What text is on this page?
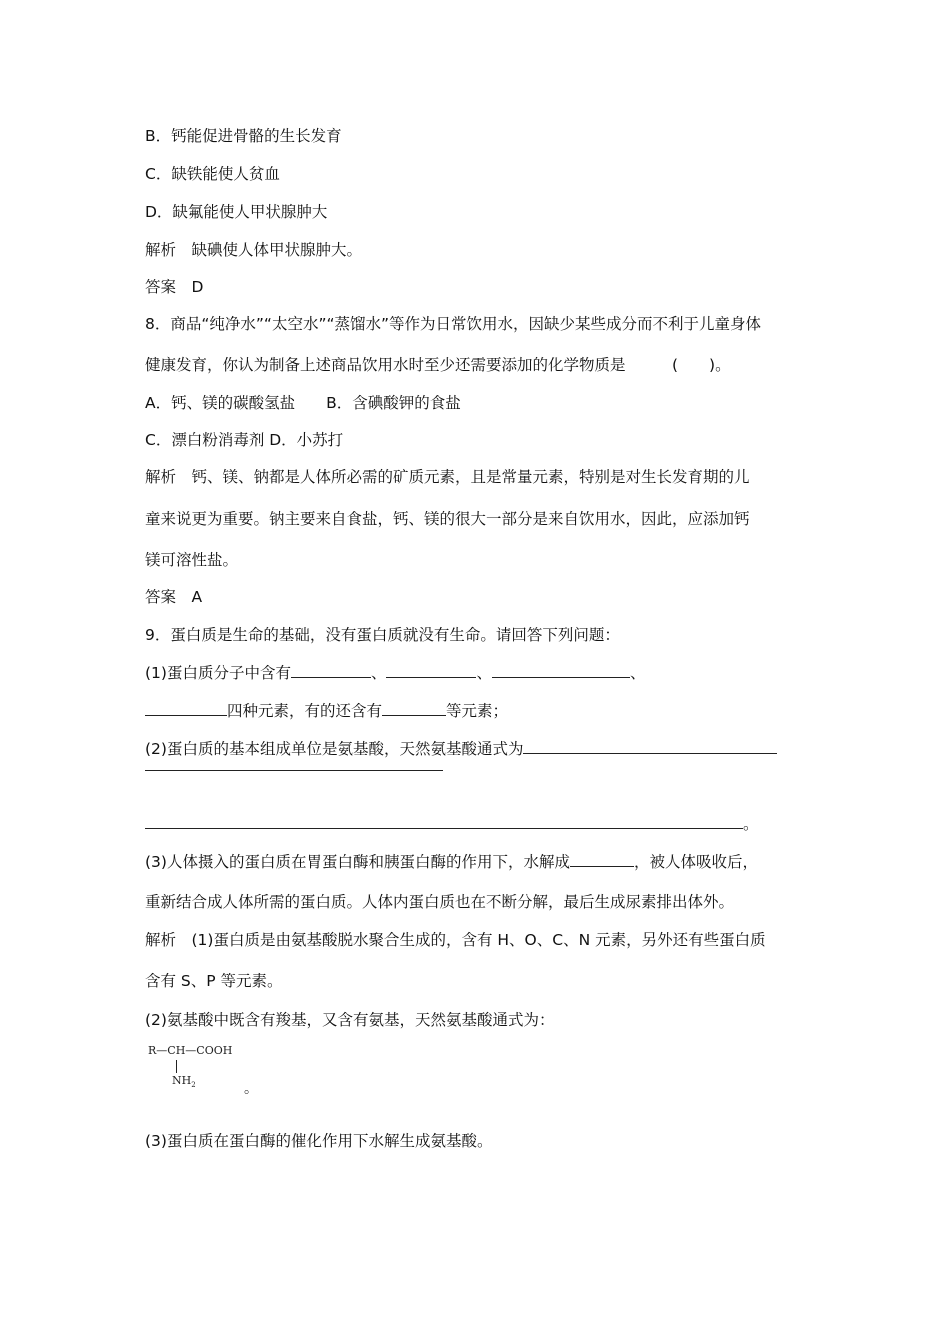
B．钙能促进骨骼的生长发育
C．缺铁能使人贫血
D．缺氟能使人甲状腺肿大
解析　缺碘使人体甲状腺肿大。
答案　D
8．商品“纯净水”“太空水”“蒸馏水”等作为日常饮用水，因缺少某些成分而不利于儿童身体
健康发育，你认为制备上述商品饮用水时至少还需要添加的化学物质是　　　(　　)。
A．钙、镁的碳酸氢盐　　B．含碘酸钾的食盐
C．漂白粉消毒剂 D．小苏打
解析　钙、镁、钠都是人体所必需的矿质元素，且是常量元素，特别是对生长发育期的儿
童来说更为重要。钠主要来自食盐，钙、镁的很大一部分是来自饮用水，因此，应添加钙
镁可溶性盐。
答案　A
9．蛋白质是生命的基础，没有蛋白质就没有生命。请回答下列问题：
(1)蛋白质分子中含有	、	、	、
四种元素，有的还含有	等元素；
(2)蛋白质的基本组成单位是氨基酸，天然氨基酸通式为
。
(3)人体摄入的蛋白质在胃蛋白酶和胰蛋白酶的作用下，水解成	，被人体吸收后，
重新结合成人体所需的蛋白质。人体内蛋白质也在不断分解，最后生成尿素排出体外。
解析　(1)蛋白质是由氨基酸脱水聚合生成的，含有 H、O、C、N 元素，另外还有些蛋白质
含有 S、P 等元素。
(2)氨基酸中既含有羧基，又含有氨基，天然氨基酸通式为：
R—CH—COOH
$NH_2$	。
(3)蛋白质在蛋白酶的催化作用下水解生成氨基酸。
